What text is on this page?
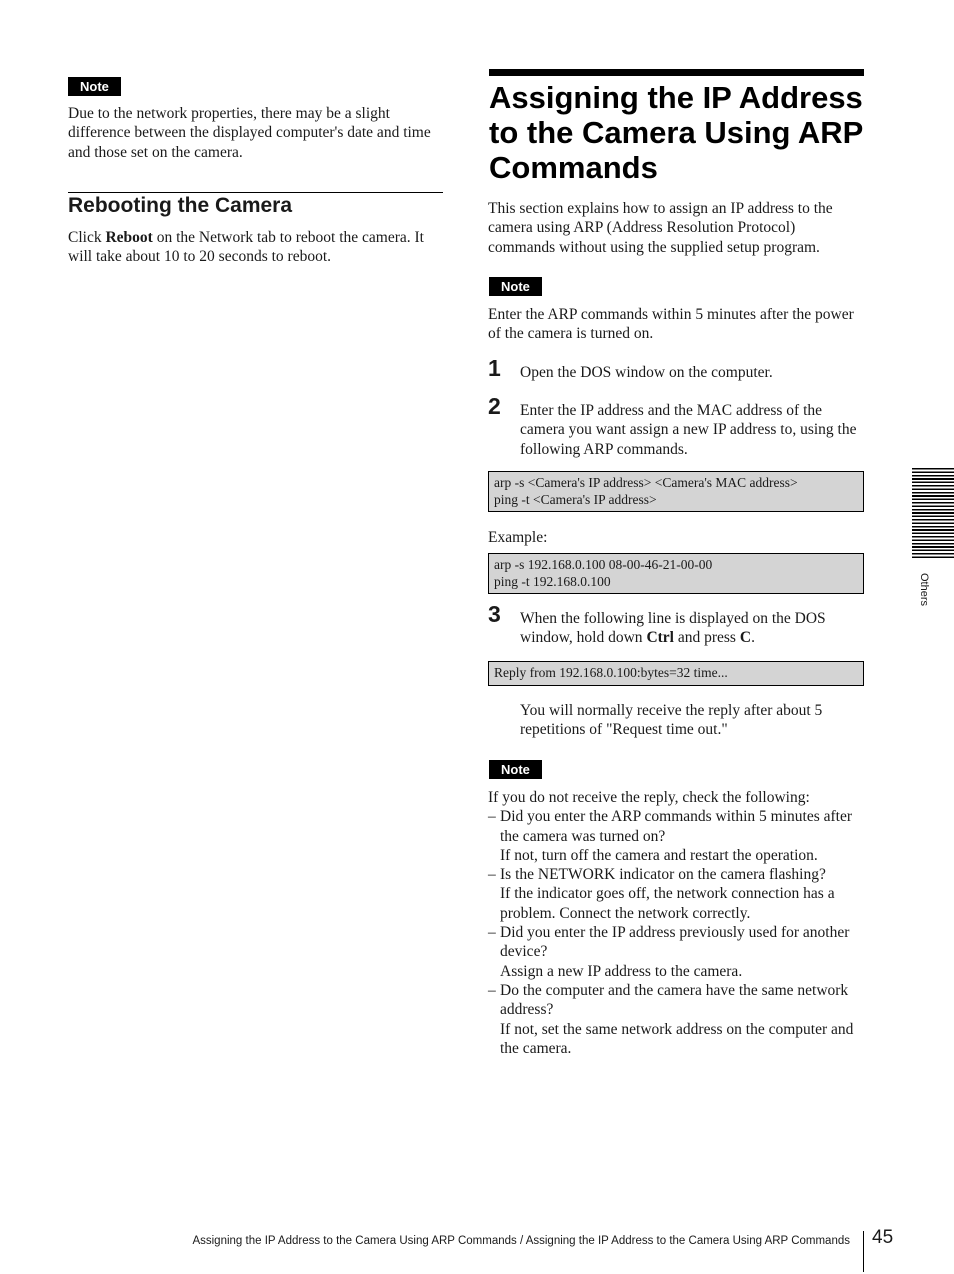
Note

Due to the network properties, there may be a slight difference between the displayed computer's date and time and those set on the camera.

Rebooting the Camera

Click Reboot on the Network tab to reboot the camera. It will take about 10 to 20 seconds to reboot.

Assigning the IP Address to the Camera Using ARP Commands

This section explains how to assign an IP address to the camera using ARP (Address Resolution Protocol) commands without using the supplied setup program.

Note

Enter the ARP commands within 5 minutes after the power of the camera is turned on.

1 Open the DOS window on the computer.

2 Enter the IP address and the MAC address of the camera you want assign a new IP address to, using the following ARP commands.

arp -s <Camera's IP address> <Camera's MAC address>
ping -t <Camera's IP address>

Example:

arp -s 192.168.0.100 08-00-46-21-00-00
ping -t 192.168.0.100
3 When the following line is displayed on the DOS window, hold down Ctrl and press C.

Reply from 192.168.0.100:bytes=32 time...

You will normally receive the reply after about 5 repetitions of "Request time out."

Note

If you do not receive the reply, check the following:

– Did you enter the ARP commands within 5 minutes after the camera was turned on?
If not, turn off the camera and restart the operation.
– Is the NETWORK indicator on the camera flashing?
If the indicator goes off, the network connection has a problem. Connect the network correctly.
– Did you enter the IP address previously used for another device?
Assign a new IP address to the camera.
– Do the computer and the camera have the same network address?
If not, set the same network address on the computer and the camera.
Others
Assigning the IP Address to the Camera Using ARP Commands / Assigning the IP Address to the Camera Using ARP Commands 45
